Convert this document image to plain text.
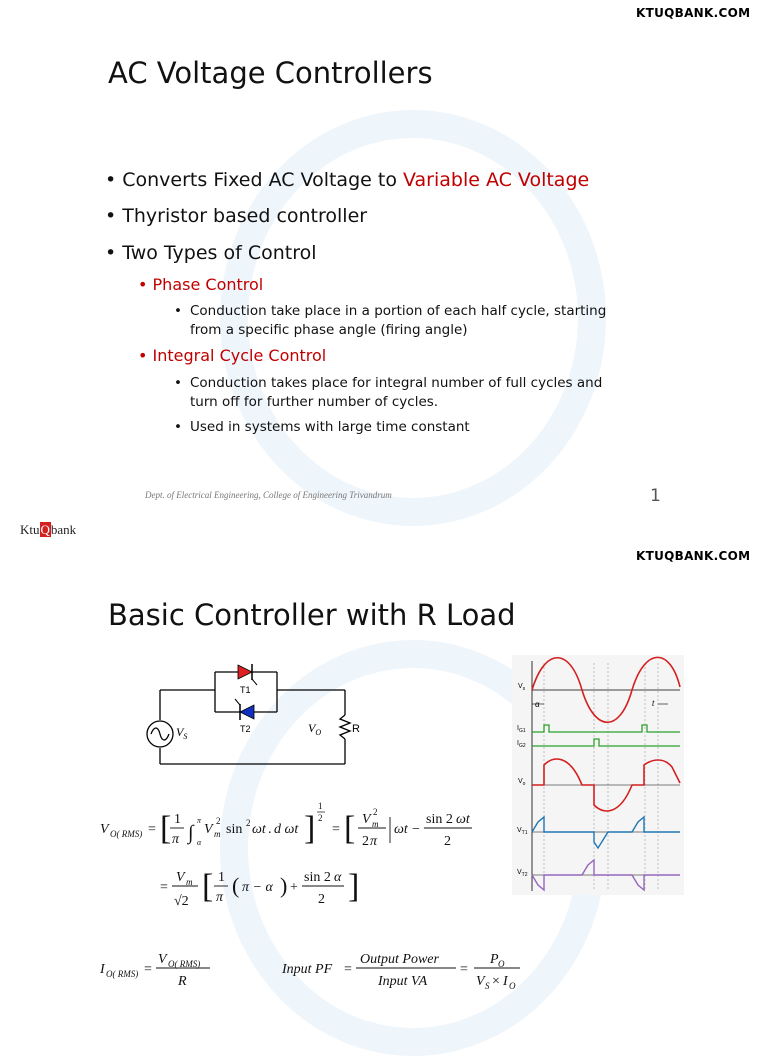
KTUQBANK.COM
AC Voltage Controllers
• Converts Fixed AC Voltage to Variable AC Voltage
• Thyristor based controller
• Two Types of Control
• Phase Control
• Conduction take place in a portion of each half cycle, starting
from a specific phase angle (firing angle)
• Integral Cycle Control
• Conduction takes place for integral number of full cycles and
turn off for further number of cycles.
• Used in systems with large time constant
Dept. of Electrical Engineering, College of Engineering Trivandrum	1
KtuQbank
KTUQBANK.COM
Basic Controller with R Load
T1
T2
$V_S$
$V_O$	R
$V_s$
α	t
$I_{G1}$
$I_{G2}$
$V_o$
$V_{T1}$
$V_{T2}$
V O( RMS) = [ 1
π ∫
π
α
V m
2
sin 2 ωt . d ωt ]
1
2
= [ V m
2
2 π
ωt −
sin 2 ωt
2
=
V m
√2 [ 1
π ( π − α ) +
sin 2 α
2 ]
I O( RMS) =
V O( RMS)
R
Input PF =
Output Power
Input VA
=
P O
V S × I O
